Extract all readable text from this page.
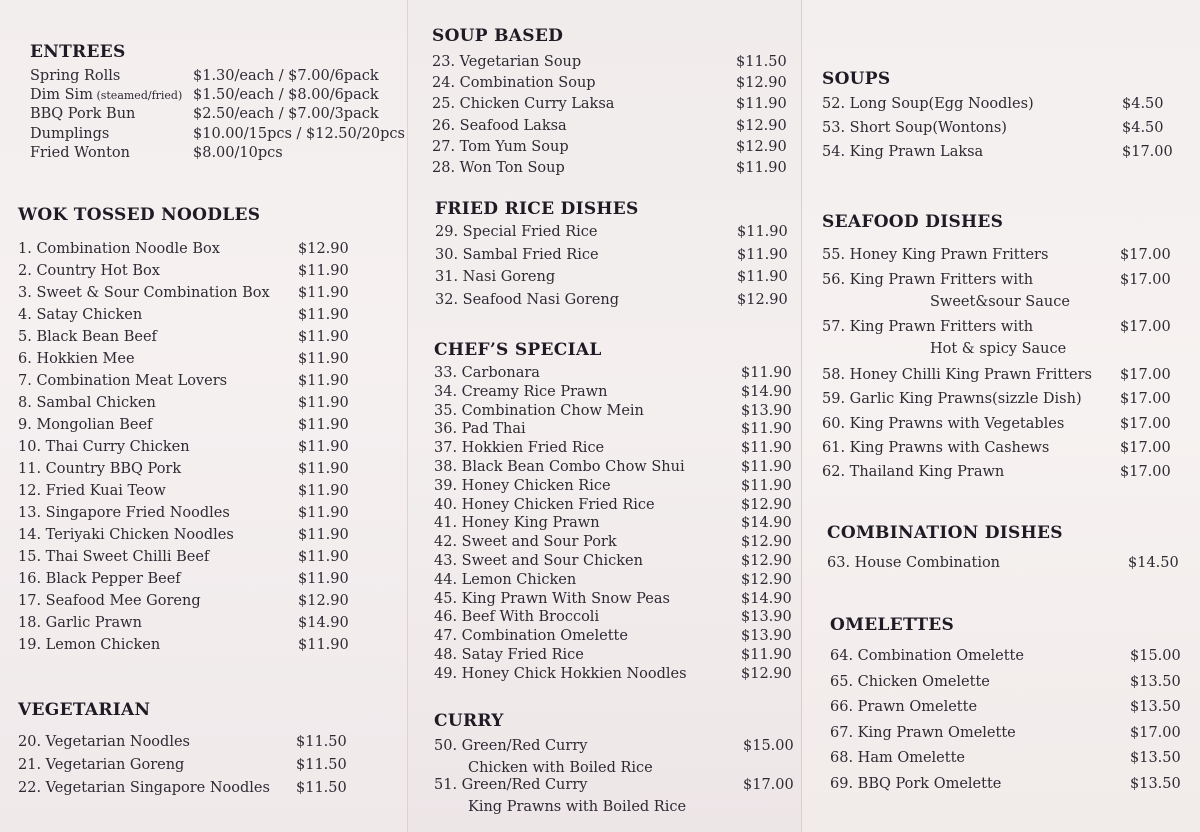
ENTREES
Spring Rolls	$1.30/each / $7.00/6pack
Dim Sim (steamed/fried) $1.50/each / $8.00/6pack
BBQ Pork Bun	$2.50/each / $7.00/3pack
Dumplings	$10.00/15pcs / $12.50/20pcs
Fried Wonton	$8.00/10pcs
WOK TOSSED NOODLES
1. Combination Noodle Box	$12.90
2. Country Hot Box	$11.90
3. Sweet & Sour Combination Box $11.90
4. Satay Chicken	$11.90
5. Black Bean Beef	$11.90
6. Hokkien Mee	$11.90
7. Combination Meat Lovers	$11.90
8. Sambal Chicken	$11.90
9. Mongolian Beef	$11.90
10. Thai Curry Chicken	$11.90
11. Country BBQ Pork	$11.90
12. Fried Kuai Teow	$11.90
13. Singapore Fried Noodles	$11.90
14. Teriyaki Chicken Noodles	$11.90
15. Thai Sweet Chilli Beef	$11.90
16. Black Pepper Beef	$11.90
17. Seafood Mee Goreng	$12.90
18. Garlic Prawn	$14.90
19. Lemon Chicken	$11.90
VEGETARIAN
20. Vegetarian Noodles	$11.50
21. Vegetarian Goreng	$11.50
22. Vegetarian Singapore Noodles $11.50
SOUP BASED
23. Vegetarian Soup	$11.50
24. Combination Soup	$12.90
25. Chicken Curry Laksa	$11.90
26. Seafood Laksa	$12.90
27. Tom Yum Soup	$12.90
28. Won Ton Soup	$11.90
FRIED RICE DISHES
29. Special Fried Rice	$11.90
30. Sambal Fried Rice	$11.90
31. Nasi Goreng	$11.90
32. Seafood Nasi Goreng	$12.90
CHEF’S SPECIAL
33. Carbonara	$11.90
34. Creamy Rice Prawn	$14.90
35. Combination Chow Mein	$13.90
36. Pad Thai	$11.90
37. Hokkien Fried Rice	$11.90
38. Black Bean Combo Chow Shui	$11.90
39. Honey Chicken Rice	$11.90
40. Honey Chicken Fried Rice	$12.90
41. Honey King Prawn	$14.90
42. Sweet and Sour Pork	$12.90
43. Sweet and Sour Chicken	$12.90
44. Lemon Chicken	$12.90
45. King Prawn With Snow Peas	$14.90
46. Beef With Broccoli	$13.90
47. Combination Omelette	$13.90
48. Satay Fried Rice	$11.90
49. Honey Chick Hokkien Noodles	$12.90
CURRY
50. Green/Red Curry
Chicken with Boiled Rice
$15.00
51. Green/Red Curry
King Prawns with Boiled Rice
$17.00
SOUPS
52. Long Soup(Egg Noodles)	$4.50
53. Short Soup(Wontons)	$4.50
54. King Prawn Laksa	$17.00
SEAFOOD DISHES
55. Honey King Prawn Fritters	$17.00
56. King Prawn Fritters with
Sweet&sour Sauce
$17.00
57. King Prawn Fritters with
Hot & spicy Sauce
$17.00
58. Honey Chilli King Prawn Fritters $17.00
59. Garlic King Prawns(sizzle Dish)	$17.00
60. King Prawns with Vegetables	$17.00
61. King Prawns with Cashews	$17.00
62. Thailand King Prawn	$17.00
COMBINATION DISHES
63. House Combination	$14.50
OMELETTES
64. Combination Omelette	$15.00
65. Chicken Omelette	$13.50
66. Prawn Omelette	$13.50
67. King Prawn Omelette	$17.00
68. Ham Omelette	$13.50
69. BBQ Pork Omelette	$13.50
